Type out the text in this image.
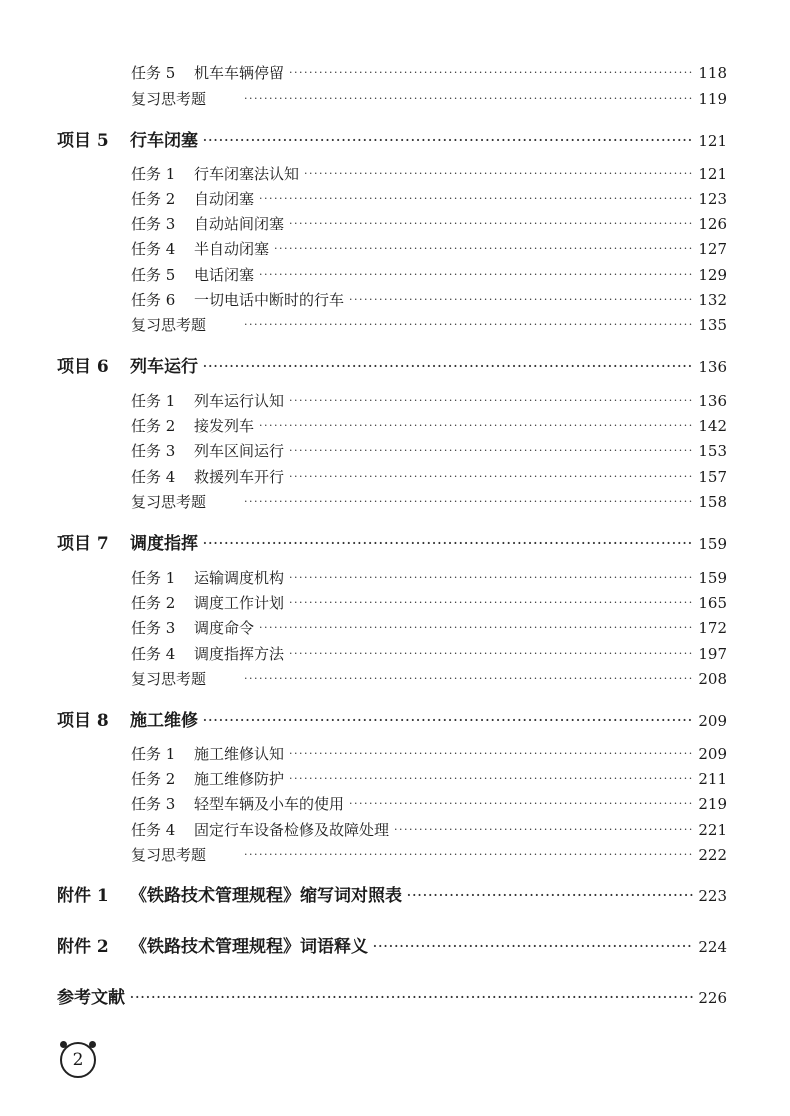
任务 5 机车车辆停留 ·····	118
复习思考题 ·····	119
项目 5 行车闭塞 ·····	121
任务 1 行车闭塞法认知 ·····	121
任务 2 自动闭塞 ·····	123
任务 3 自动站间闭塞 ·····	126
任务 4 半自动闭塞 ·····	127
任务 5 电话闭塞 ·····	129
任务 6 一切电话中断时的行车 ·····	132
复习思考题 ·····	135
项目 6 列车运行 ·····	136
任务 1 列车运行认知 ·····	136
任务 2 接发列车 ·····	142
任务 3 列车区间运行 ·····	153
任务 4 救援列车开行 ·····	157
复习思考题 ·····	158
项目 7 调度指挥 ·····	159
任务 1 运输调度机构 ·····	159
任务 2 调度工作计划 ·····	165
任务 3 调度命令 ·····	172
任务 4 调度指挥方法 ·····	197
复习思考题 ·····	208
项目 8 施工维修 ·····	209
任务 1 施工维修认知 ·····	209
任务 2 施工维修防护 ·····	211
任务 3 轻型车辆及小车的使用 ·····	219
任务 4 固定行车设备检修及故障处理 ·····	221
复习思考题 ·····	222
附件 1 《铁路技术管理规程》缩写词对照表 ·····	223
附件 2 《铁路技术管理规程》词语释义 ·····	224
参考文献 ·····	226
2
